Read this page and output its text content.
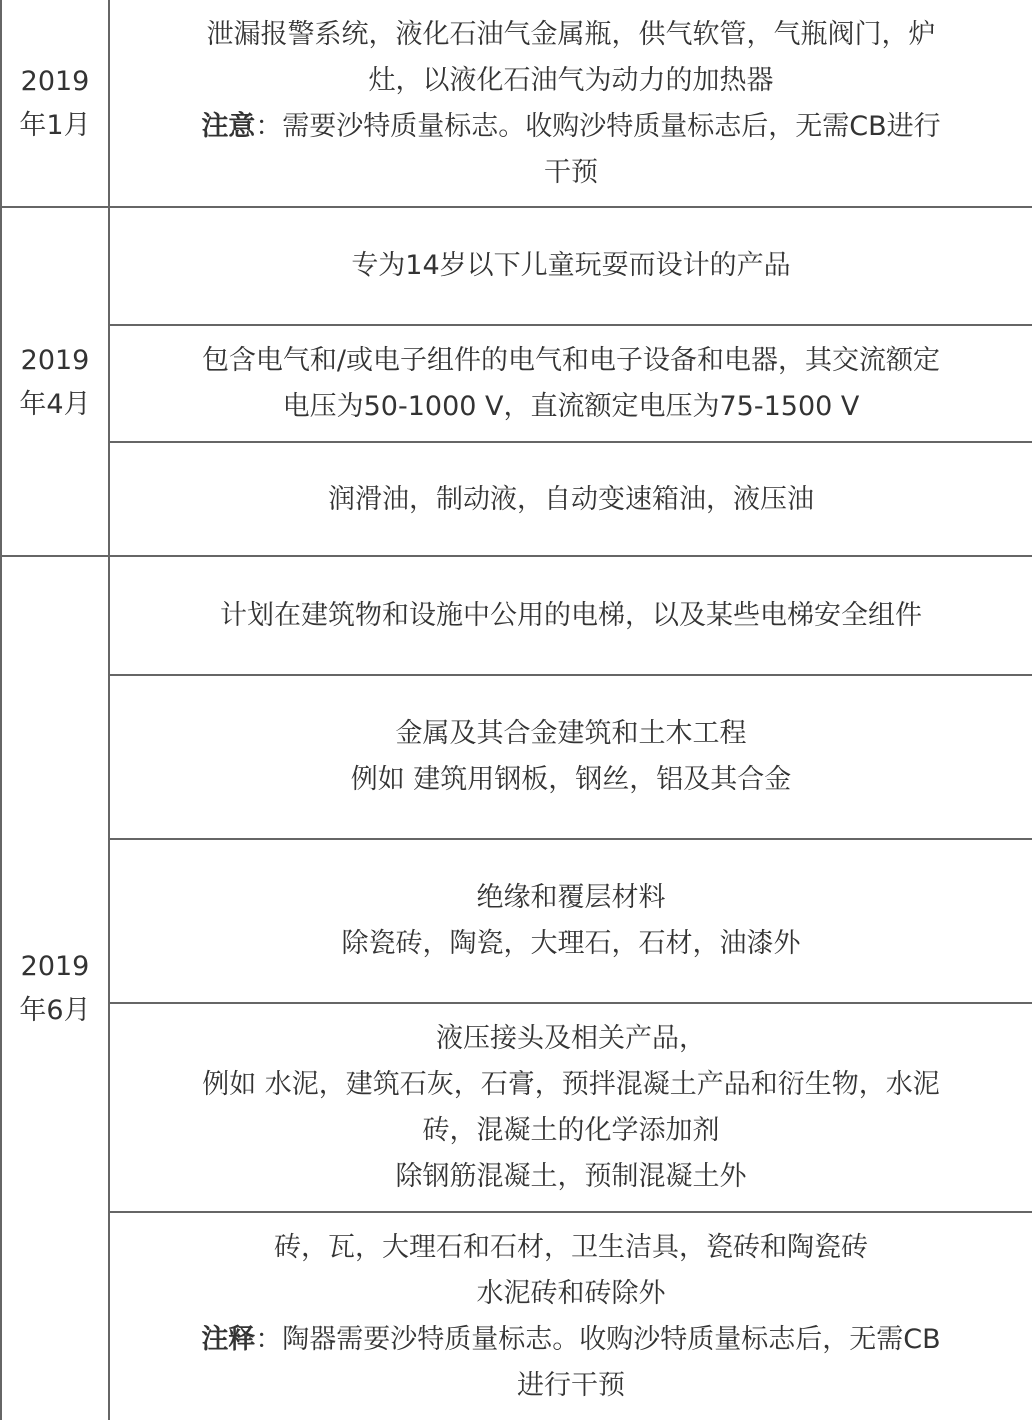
2019
年1月
泄漏报警系统，液化石油气金属瓶，供气软管，气瓶阀门，炉
灶，以液化石油气为动力的加热器
注意：需要沙特质量标志。收购沙特质量标志后，无需CB进行
干预
2019
年4月
专为14岁以下儿童玩耍而设计的产品
包含电气和/或电子组件的电气和电子设备和电器，其交流额定
电压为50-1000 V，直流额定电压为75-1500 V
润滑油，制动液，自动变速箱油，液压油
2019
年6月
计划在建筑物和设施中公用的电梯，以及某些电梯安全组件
金属及其合金建筑和土木工程
例如 建筑用钢板，钢丝，铝及其合金
绝缘和覆层材料
除瓷砖，陶瓷，大理石，石材，油漆外
液压接头及相关产品，
例如 水泥，建筑石灰，石膏，预拌混凝土产品和衍生物，水泥
砖，混凝土的化学添加剂
除钢筋混凝土，预制混凝土外
砖，瓦，大理石和石材，卫生洁具，瓷砖和陶瓷砖
水泥砖和砖除外
注释：陶器需要沙特质量标志。收购沙特质量标志后，无需CB
进行干预
